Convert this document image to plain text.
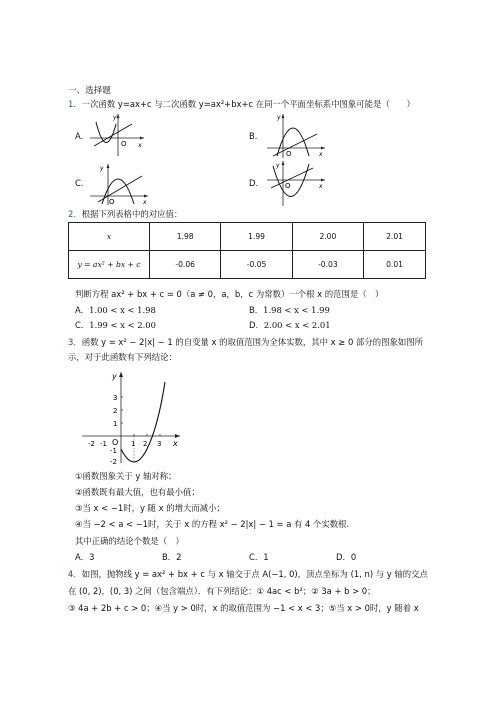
一、选择题
1．一次函数 y=ax+c 与二次函数 y=ax²+bx+c 在同一个平面坐标系中图象可能是（　　）
A．
y
O x
B．
y
O	x
C．
y
O	x
D．
y
O	x
2．根据下列表格中的对应值：
x	1.98	1.99	2.00	2.01
y = ax² + bx + c	-0.06	-0.05	-0.03	0.01
判断方程 ax² + bx + c = 0（a ≠ 0，a，b，c 为常数）一个根 x 的范围是（　）
A．1.00 < x < 1.98	B．1.98 < x < 1.99
C．1.99 < x < 2.00	D．2.00 < x < 2.01
3．函数 y = x² − 2|x| − 1 的自变量 x 的取值范围为全体实数，其中 x ≥ 0 部分的图象如图所
示，对于此函数有下列结论：
y
x
O
3
2
1
-1
-2
-2 -1	1 2 3
①函数图象关于 y 轴对称；
②函数既有最大值，也有最小值；
③当 x < −1时，y 随 x 的增大而减小；
④当 −2 < a < −1时，关于 x 的方程 x² − 2|x| − 1 = a 有 4 个实数根.
其中正确的结论个数是（　）
A．3	B．2	C．1	D．0
4．如图，抛物线 y = ax² + bx + c 与 x 轴交于点 A(−1, 0)，顶点坐标为 (1, n) 与 y 轴的交点
在 (0, 2)，(0, 3) 之间（包含端点）．有下列结论：① 4ac < b²；② 3a + b > 0；
③ 4a + 2b + c > 0；④当 y > 0时，x 的取值范围为 −1 < x < 3；⑤当 x > 0时，y 随着 x
